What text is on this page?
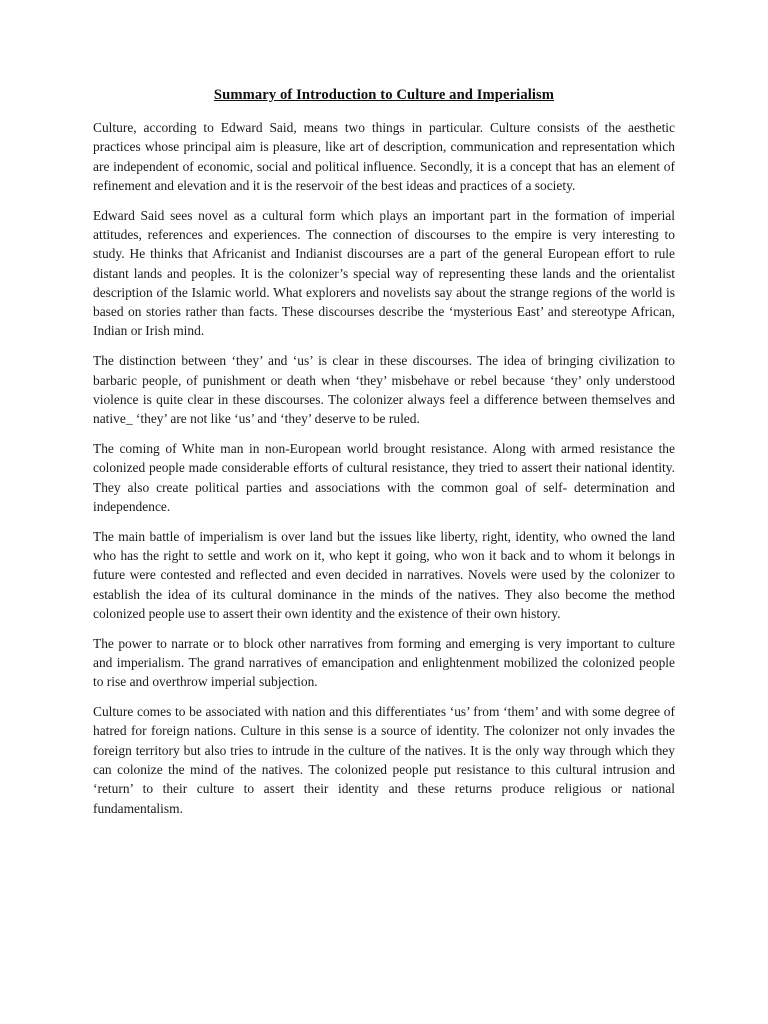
Summary of Introduction to Culture and Imperialism

Culture, according to Edward Said, means two things in particular. Culture consists of the aesthetic practices whose principal aim is pleasure, like art of description, communication and representation which are independent of economic, social and political influence. Secondly, it is a concept that has an element of refinement and elevation and it is the reservoir of the best ideas and practices of a society.

Edward Said sees novel as a cultural form which plays an important part in the formation of imperial attitudes, references and experiences. The connection of discourses to the empire is very interesting to study. He thinks that Africanist and Indianist discourses are a part of the general European effort to rule distant lands and peoples. It is the colonizer’s special way of representing these lands and the orientalist description of the Islamic world. What explorers and novelists say about the strange regions of the world is based on stories rather than facts. These discourses describe the ‘mysterious East’ and stereotype African, Indian or Irish mind.

The distinction between ‘they’ and ‘us’ is clear in these discourses. The idea of bringing civilization to barbaric people, of punishment or death when ‘they’ misbehave or rebel because ‘they’ only understood violence is quite clear in these discourses. The colonizer always feel a difference between themselves and native_ ‘they’ are not like ‘us’ and ‘they’ deserve to be ruled.

The coming of White man in non-European world brought resistance. Along with armed resistance the colonized people made considerable efforts of cultural resistance, they tried to assert their national identity. They also create political parties and associations with the common goal of self- determination and independence.

The main battle of imperialism is over land but the issues like liberty, right, identity, who owned the land who has the right to settle and work on it, who kept it going, who won it back and to whom it belongs in future were contested and reflected and even decided in narratives. Novels were used by the colonizer to establish the idea of its cultural dominance in the minds of the natives. They also become the method colonized people use to assert their own identity and the existence of their own history.

The power to narrate or to block other narratives from forming and emerging is very important to culture and imperialism. The grand narratives of emancipation and enlightenment mobilized the colonized people to rise and overthrow imperial subjection.

Culture comes to be associated with nation and this differentiates ‘us’ from ‘them’ and with some degree of hatred for foreign nations. Culture in this sense is a source of identity. The colonizer not only invades the foreign territory but also tries to intrude in the culture of the natives. It is the only way through which they can colonize the mind of the natives. The colonized people put resistance to this cultural intrusion and ‘return’ to their culture to assert their identity and these returns produce religious or national fundamentalism.
